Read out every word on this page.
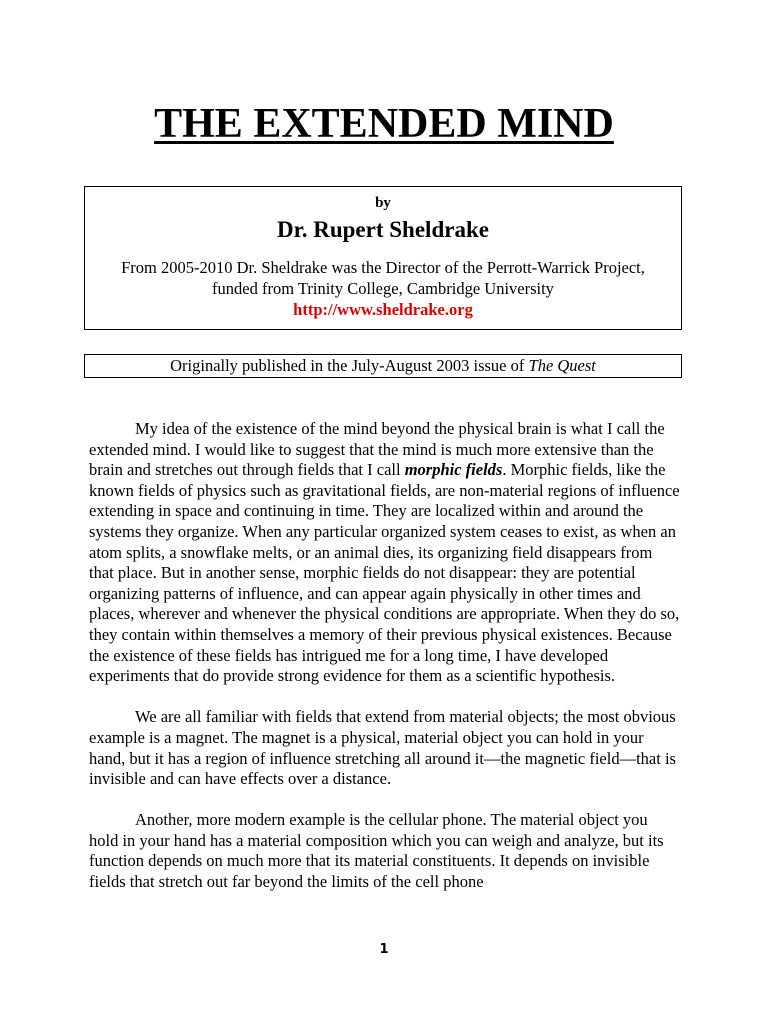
THE EXTENDED MIND
by
Dr. Rupert Sheldrake
From 2005-2010 Dr. Sheldrake was the Director of the Perrott-Warrick Project,
funded from Trinity College, Cambridge University
http://www.sheldrake.org
Originally published in the July-August 2003 issue of The Quest

My idea of the existence of the mind beyond the physical brain is what I call the extended mind. I would like to suggest that the mind is much more extensive than the brain and stretches out through fields that I call morphic fields. Morphic fields, like the known fields of physics such as gravitational fields, are non-material regions of influence extending in space and continuing in time. They are localized within and around the systems they organize. When any particular organized system ceases to exist, as when an atom splits, a snowflake melts, or an animal dies, its organizing field disappears from that place. But in another sense, morphic fields do not disappear: they are potential organizing patterns of influence, and can appear again physically in other times and places, wherever and whenever the physical conditions are appropriate. When they do so, they contain within themselves a memory of their previous physical existences. Because the existence of these fields has intrigued me for a long time, I have developed experiments that do provide strong evidence for them as a scientific hypothesis.

We are all familiar with fields that extend from material objects; the most obvious example is a magnet. The magnet is a physical, material object you can hold in your hand, but it has a region of influence stretching all around it—the magnetic field—that is invisible and can have effects over a distance.

Another, more modern example is the cellular phone. The material object you hold in your hand has a material composition which you can weigh and analyze, but its function depends on much more that its material constituents. It depends on invisible fields that stretch out far beyond the limits of the cell phone

1
